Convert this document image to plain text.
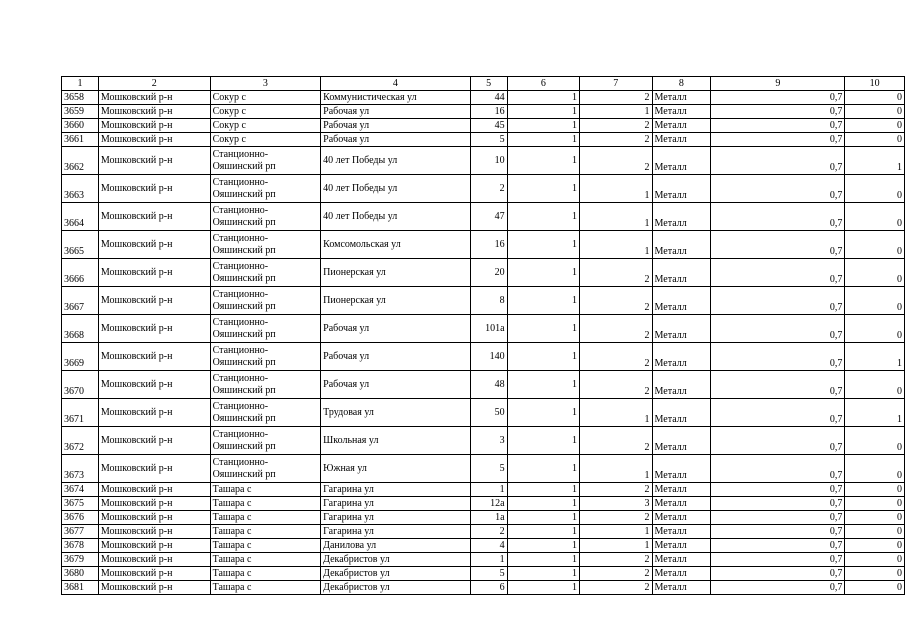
1	2	3	4	5	6	7	8	9	10
3658	Мошковский р-н	Сокур с	Коммунистическая ул	44	1	2	Металл	0,7	0
3659	Мошковский р-н	Сокур с	Рабочая ул	16	1	1	Металл	0,7	0
3660	Мошковский р-н	Сокур с	Рабочая ул	45	1	2	Металл	0,7	0
3661	Мошковский р-н	Сокур с	Рабочая ул	5	1	2	Металл	0,7	0
3662	Мошковский р-н	Станционно-Ояшинский рп	40 лет Победы ул	10	1	2	Металл	0,7	1
3663	Мошковский р-н	Станционно-Ояшинский рп	40 лет Победы ул	2	1	1	Металл	0,7	0
3664	Мошковский р-н	Станционно-Ояшинский рп	40 лет Победы ул	47	1	1	Металл	0,7	0
3665	Мошковский р-н	Станционно-Ояшинский рп	Комсомольская ул	16	1	1	Металл	0,7	0
3666	Мошковский р-н	Станционно-Ояшинский рп	Пионерская ул	20	1	2	Металл	0,7	0
3667	Мошковский р-н	Станционно-Ояшинский рп	Пионерская ул	8	1	2	Металл	0,7	0
3668	Мошковский р-н	Станционно-Ояшинский рп	Рабочая ул	101а	1	2	Металл	0,7	0
3669	Мошковский р-н	Станционно-Ояшинский рп	Рабочая ул	140	1	2	Металл	0,7	1
3670	Мошковский р-н	Станционно-Ояшинский рп	Рабочая ул	48	1	2	Металл	0,7	0
3671	Мошковский р-н	Станционно-Ояшинский рп	Трудовая ул	50	1	1	Металл	0,7	1
3672	Мошковский р-н	Станционно-Ояшинский рп	Школьная ул	3	1	2	Металл	0,7	0
3673	Мошковский р-н	Станционно-Ояшинский рп	Южная ул	5	1	1	Металл	0,7	0
3674	Мошковский р-н	Ташара с	Гагарина ул	1	1	2	Металл	0,7	0
3675	Мошковский р-н	Ташара с	Гагарина ул	12а	1	3	Металл	0,7	0
3676	Мошковский р-н	Ташара с	Гагарина ул	1а	1	2	Металл	0,7	0
3677	Мошковский р-н	Ташара с	Гагарина ул	2	1	1	Металл	0,7	0
3678	Мошковский р-н	Ташара с	Данилова ул	4	1	1	Металл	0,7	0
3679	Мошковский р-н	Ташара с	Декабристов ул	1	1	2	Металл	0,7	0
3680	Мошковский р-н	Ташара с	Декабристов ул	5	1	2	Металл	0,7	0
3681	Мошковский р-н	Ташара с	Декабристов ул	6	1	2	Металл	0,7	0
